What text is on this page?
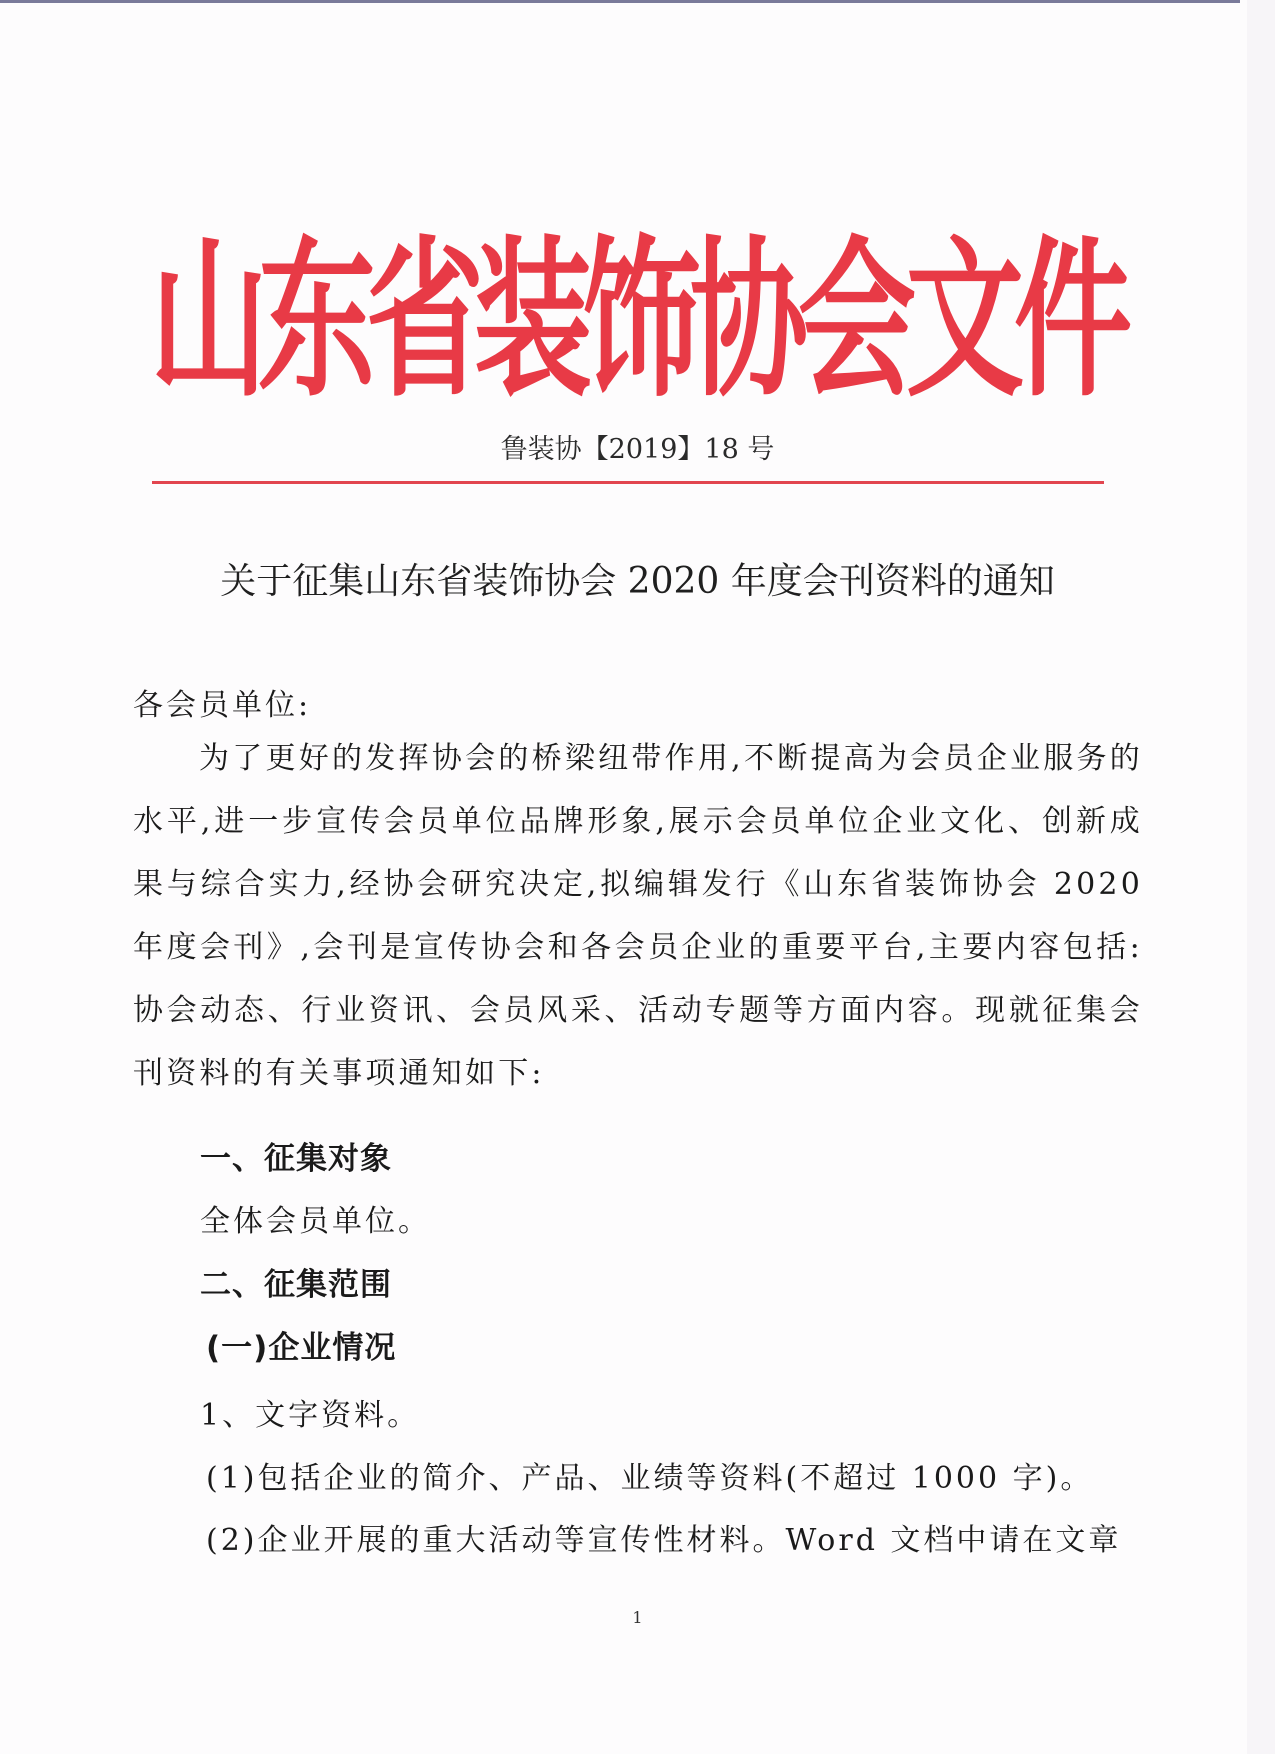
山东省装饰协会文件
鲁装协【2019】18 号
关于征集山东省装饰协会 2020 年度会刊资料的通知
各会员单位:

为了更好的发挥协会的桥梁纽带作用,不断提高为会员企业服务的水平,进一步宣传会员单位品牌形象,展示会员单位企业文化、创新成果与综合实力,经协会研究决定,拟编辑发行《山东省装饰协会 2020 年度会刊》,会刊是宣传协会和各会员企业的重要平台,主要内容包括:协会动态、行业资讯、会员风采、活动专题等方面内容。现就征集会刊资料的有关事项通知如下:

一、征集对象
全体会员单位。
二、征集范围
(一)企业情况
1、文字资料。
(1)包括企业的简介、产品、业绩等资料(不超过 1000 字)。
(2)企业开展的重大活动等宣传性材料。Word 文档中请在文章
1
